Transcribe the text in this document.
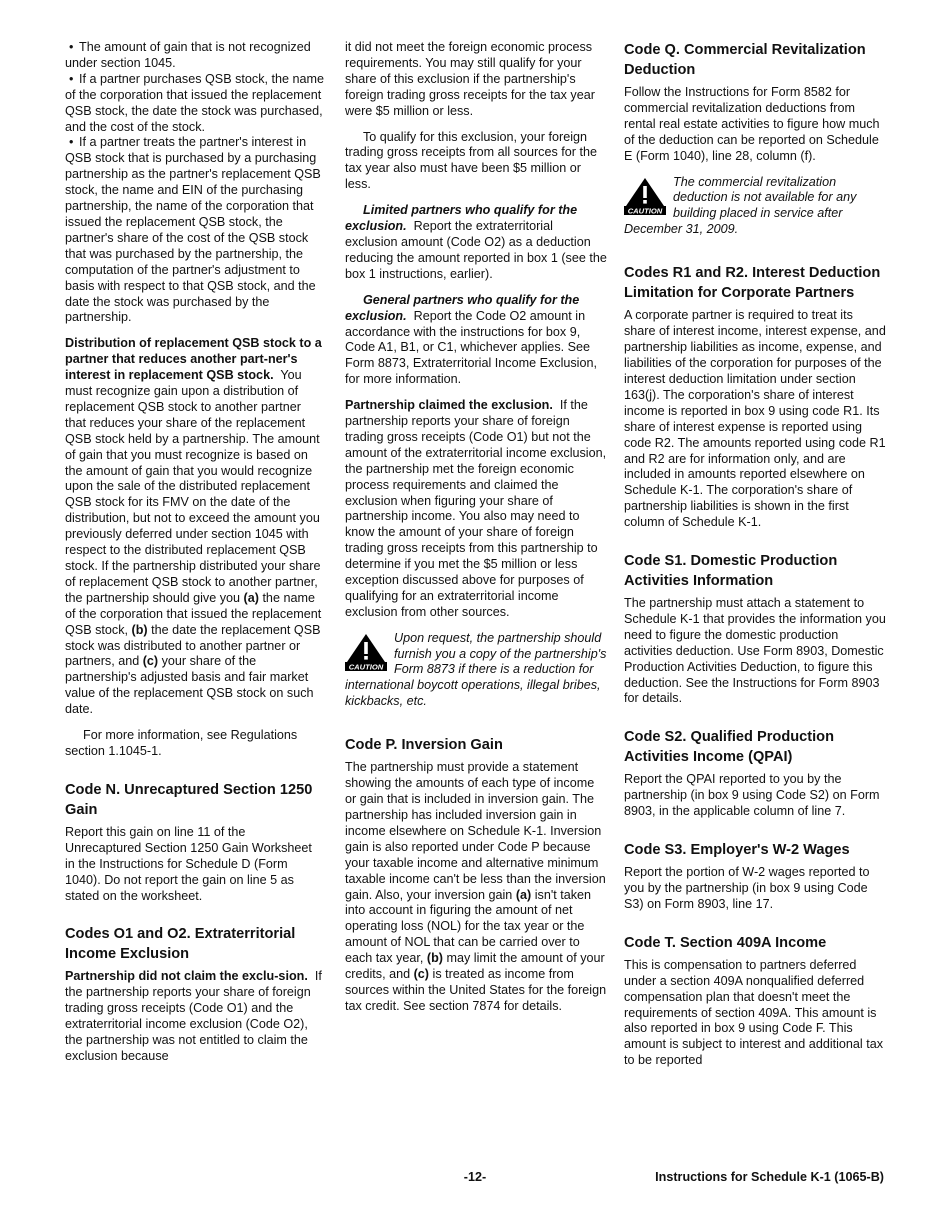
• The amount of gain that is not recognized under section 1045.

• If a partner purchases QSB stock, the name of the corporation that issued the replacement QSB stock, the date the stock was purchased, and the cost of the stock.

• If a partner treats the partner's interest in QSB stock that is purchased by a purchasing partnership as the partner's replacement QSB stock, the name and EIN of the purchasing partnership, the name of the corporation that issued the replacement QSB stock, the partner's share of the cost of the QSB stock that was purchased by the partnership, the computation of the partner's adjustment to basis with respect to that QSB stock, and the date the stock was purchased by the partnership.

Distribution of replacement QSB stock to a partner that reduces another part-ner's interest in replacement QSB stock. You must recognize gain upon a distribution of replacement QSB stock to another partner that reduces your share of the replacement QSB stock held by a partnership. The amount of gain that you must recognize is based on the amount of gain that you would recognize upon the sale of the distributed replacement QSB stock for its FMV on the date of the distribution, but not to exceed the amount you previously deferred under section 1045 with respect to the distributed replacement QSB stock. If the partnership distributed your share of replacement QSB stock to another partner, the partnership should give you (a) the name of the corporation that issued the replacement QSB stock, (b) the date the replacement QSB stock was distributed to another partner or partners, and (c) your share of the partnership's adjusted basis and fair market value of the replacement QSB stock on such date.

For more information, see Regulations section 1.1045-1.

Code N. Unrecaptured Section 1250 Gain

Report this gain on line 11 of the Unrecaptured Section 1250 Gain Worksheet in the Instructions for Schedule D (Form 1040). Do not report the gain on line 5 as stated on the worksheet.

Codes O1 and O2. Extraterritorial Income Exclusion

Partnership did not claim the exclu-sion. If the partnership reports your share of foreign trading gross receipts (Code O1) and the extraterritorial income exclusion (Code O2), the partnership was not entitled to claim the exclusion because

it did not meet the foreign economic process requirements. You may still qualify for your share of this exclusion if the partnership's foreign trading gross receipts for the tax year were $5 million or less.

To qualify for this exclusion, your foreign trading gross receipts from all sources for the tax year also must have been $5 million or less.

Limited partners who qualify for the exclusion. Report the extraterritorial exclusion amount (Code O2) as a deduction reducing the amount reported in box 1 (see the box 1 instructions, earlier).

General partners who qualify for the exclusion. Report the Code O2 amount in accordance with the instructions for box 9, Code A1, B1, or C1, whichever applies. See Form 8873, Extraterritorial Income Exclusion, for more information.

Partnership claimed the exclusion. If the partnership reports your share of foreign trading gross receipts (Code O1) but not the amount of the extraterritorial income exclusion, the partnership met the foreign economic process requirements and claimed the exclusion when figuring your share of partnership income. You also may need to know the amount of your share of foreign trading gross receipts from this partnership to determine if you met the $5 million or less exception discussed above for purposes of qualifying for an extraterritorial income exclusion from other sources.

CAUTION
Upon request, the partnership should furnish you a copy of the partnership's Form 8873 if there is a reduction for international boycott operations, illegal bribes, kickbacks, etc.
Code P. Inversion Gain

The partnership must provide a statement showing the amounts of each type of income or gain that is included in inversion gain. The partnership has included inversion gain in income elsewhere on Schedule K-1. Inversion gain is also reported under Code P because your taxable income and alternative minimum taxable income can't be less than the inversion gain. Also, your inversion gain (a) isn't taken into account in figuring the amount of net operating loss (NOL) for the tax year or the amount of NOL that can be carried over to each tax year, (b) may limit the amount of your credits, and (c) is treated as income from sources within the United States for the foreign tax credit. See section 7874 for details.

Code Q. Commercial Revitalization Deduction

Follow the Instructions for Form 8582 for commercial revitalization deductions from rental real estate activities to figure how much of the deduction can be reported on Schedule E (Form 1040), line 28, column (f).

CAUTION
The commercial revitalization deduction is not available for any building placed in service after December 31, 2009.
Codes R1 and R2. Interest Deduction Limitation for Corporate Partners

A corporate partner is required to treat its share of interest income, interest expense, and partnership liabilities as income, expense, and liabilities of the corporation for purposes of the interest deduction limitation under section 163(j). The corporation's share of interest income is reported in box 9 using code R1. Its share of interest expense is reported using code R2. The amounts reported using code R1 and R2 are for information only, and are included in amounts reported elsewhere on Schedule K-1. The corporation's share of partnership liabilities is shown in the first column of Schedule K-1.

Code S1. Domestic Production Activities Information

The partnership must attach a statement to Schedule K-1 that provides the information you need to figure the domestic production activities deduction. Use Form 8903, Domestic Production Activities Deduction, to figure this deduction. See the Instructions for Form 8903 for details.

Code S2. Qualified Production Activities Income (QPAI)

Report the QPAI reported to you by the partnership (in box 9 using Code S2) on Form 8903, in the applicable column of line 7.

Code S3. Employer's W-2 Wages

Report the portion of W-2 wages reported to you by the partnership (in box 9 using Code S3) on Form 8903, line 17.

Code T. Section 409A Income

This is compensation to partners deferred under a section 409A nonqualified deferred compensation plan that doesn't meet the requirements of section 409A. This amount is also reported in box 9 using Code F. This amount is subject to interest and additional tax to be reported

-12-	Instructions for Schedule K-1 (1065-B)
